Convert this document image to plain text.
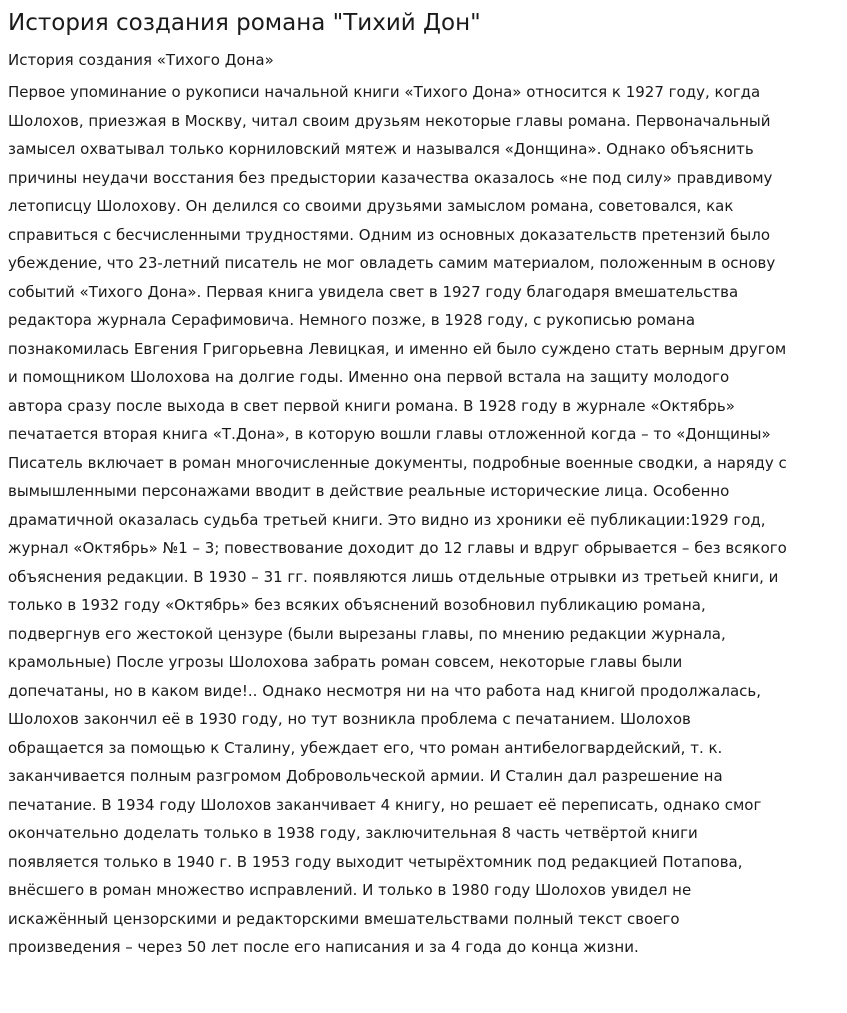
История создания романа "Тихий Дон"
История создания «Тихого Дона»

Первое упоминание о рукописи начальной книги «Тихого Дона» относится к 1927 году, когда
Шолохов, приезжая в Москву, читал своим друзьям некоторые главы романа. Первоначальный
замысел охватывал только корниловский мятеж и назывался «Донщина». Однако объяснить
причины неудачи восстания без предыстории казачества оказалось «не под силу» правдивому
летописцу Шолохову. Он делился со своими друзьями замыслом романа, советовался, как
справиться с бесчисленными трудностями. Одним из основных доказательств претензий было
убеждение, что 23-летний писатель не мог овладеть самим материалом, положенным в основу
событий «Тихого Дона». Первая книга увидела свет в 1927 году благодаря вмешательства
редактора журнала Серафимовича. Немного позже, в 1928 году, с рукописью романа
познакомилась Евгения Григорьевна Левицкая, и именно ей было суждено стать верным другом
и помощником Шолохова на долгие годы. Именно она первой встала на защиту молодого
автора сразу после выхода в свет первой книги романа. В 1928 году в журнале «Октябрь»
печатается вторая книга «Т.Дона», в которую вошли главы отложенной когда – то «Донщины»
Писатель включает в роман многочисленные документы, подробные военные сводки, а наряду с
вымышленными персонажами вводит в действие реальные исторические лица. Особенно
драматичной оказалась судьба третьей книги. Это видно из хроники её публикации:1929 год,
журнал «Октябрь» №1 – 3; повествование доходит до 12 главы и вдруг обрывается – без всякого
объяснения редакции. В 1930 – 31 гг. появляются лишь отдельные отрывки из третьей книги, и
только в 1932 году «Октябрь» без всяких объяснений возобновил публикацию романа,
подвергнув его жестокой цензуре (были вырезаны главы, по мнению редакции журнала,
крамольные) После угрозы Шолохова забрать роман совсем, некоторые главы были
допечатаны, но в каком виде!.. Однако несмотря ни на что работа над книгой продолжалась,
Шолохов закончил её в 1930 году, но тут возникла проблема с печатанием. Шолохов
обращается за помощью к Сталину, убеждает его, что роман антибелогвардейский, т. к.
заканчивается полным разгромом Добровольческой армии. И Сталин дал разрешение на
печатание. В 1934 году Шолохов заканчивает 4 книгу, но решает её переписать, однако смог
окончательно доделать только в 1938 году, заключительная 8 часть четвёртой книги
появляется только в 1940 г. В 1953 году выходит четырёхтомник под редакцией Потапова,
внёсшего в роман множество исправлений. И только в 1980 году Шолохов увидел не
искажённый цензорскими и редакторскими вмешательствами полный текст своего
произведения – через 50 лет после его написания и за 4 года до конца жизни.
